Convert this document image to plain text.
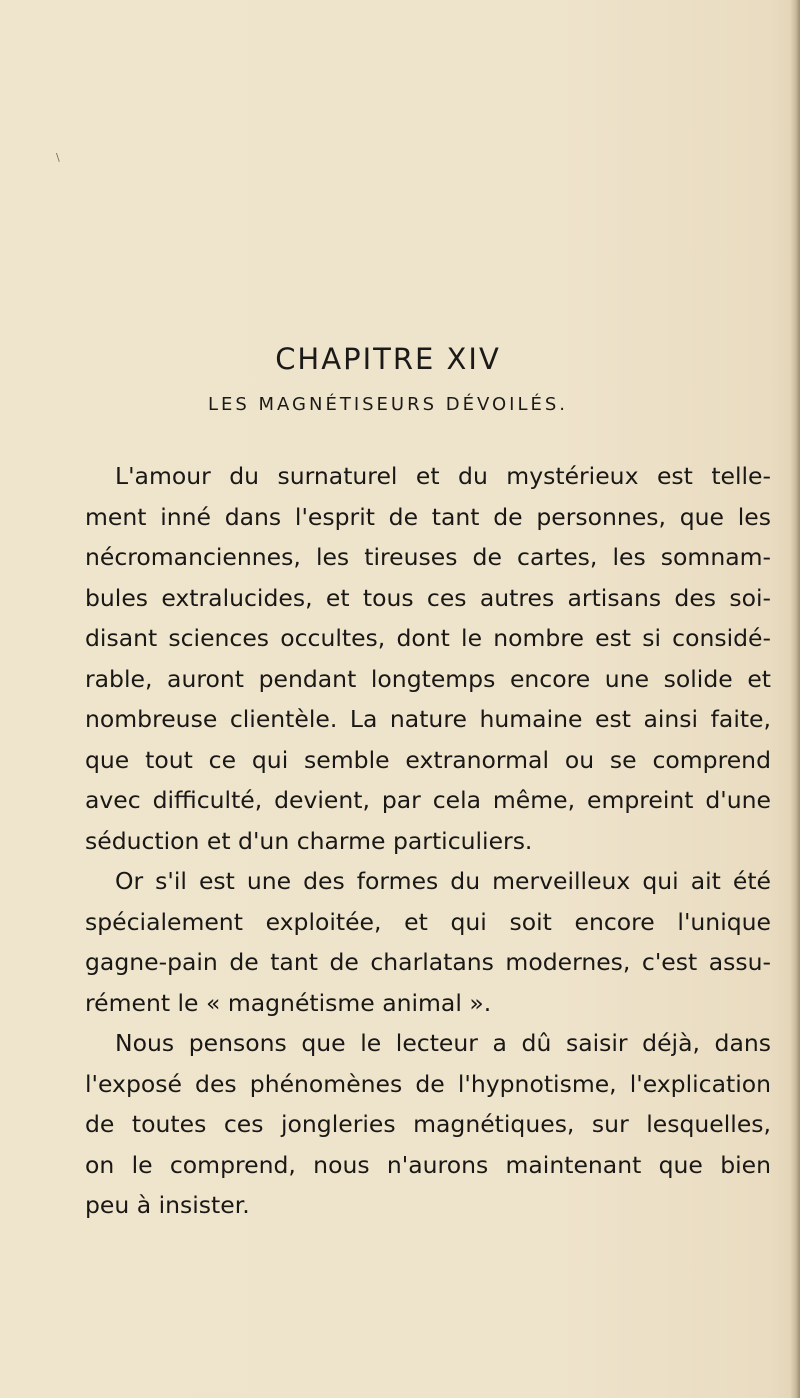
\
CHAPITRE XIV
LES MAGNÉTISEURS DÉVOILÉS.
L'amour du surnaturel et du mystérieux est telle-
ment inné dans l'esprit de tant de personnes, que les
nécromanciennes, les tireuses de cartes, les somnam-
bules extralucides, et tous ces autres artisans des soi-
disant sciences occultes, dont le nombre est si considé-
rable, auront pendant longtemps encore une solide et
nombreuse clientèle. La nature humaine est ainsi faite,
que tout ce qui semble extranormal ou se comprend
avec difficulté, devient, par cela même, empreint d'une
séduction et d'un charme particuliers.
Or s'il est une des formes du merveilleux qui ait été
spécialement exploitée, et qui soit encore l'unique
gagne-pain de tant de charlatans modernes, c'est assu-
rément le « magnétisme animal ».
Nous pensons que le lecteur a dû saisir déjà, dans
l'exposé des phénomènes de l'hypnotisme, l'explication
de toutes ces jongleries magnétiques, sur lesquelles,
on le comprend, nous n'aurons maintenant que bien
peu à insister.
